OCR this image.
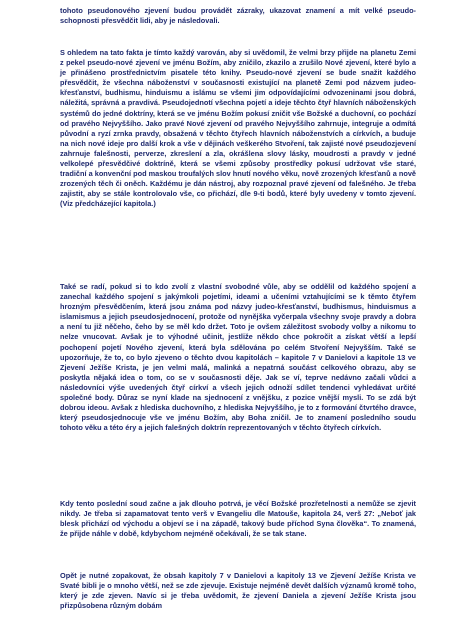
tohoto pseudonového zjevení budou provádět zázraky, ukazovat znamení a mít velké pseudo-schopnosti přesvědčit lidi, aby je následovali.

S ohledem na tato fakta je tímto každý varován, aby si uvědomil, že velmi brzy přijde na planetu Zemi z pekel pseudo-nové zjevení ve jménu Božím, aby zničilo, zkazilo a zrušilo Nové zjevení, které bylo a je přinášeno prostřednictvím pisatele této knihy. Pseudo-nové zjevení se bude snažit každého přesvědčit, že všechna náboženství v současnosti existující na planetě Zemi pod názvem judeo-křesťanství, budhismu, hinduismu a islámu se všemi jim odpovídajícími odvozeninami jsou dobrá, náležitá, správná a pravdivá. Pseudojednotí všechna pojetí a ideje těchto čtyř hlavních náboženských systémů do jedné doktríny, která se ve jménu Božím pokusí zničit vše Božské a duchovní, co pochází od pravého Nejvyššího. Jako pravé Nové zjevení od pravého Nejvyššího zahrnuje, integruje a odmítá původní a ryzí zrnka pravdy, obsažená v těchto čtyřech hlavních náboženstvích a církvích, a buduje na nich nové ideje pro další krok a vše v dějinách veškerého Stvoření, tak zajisté nové pseudozjevení zahrnuje falešnosti, perverze, zkreslení a zla, okrášlena slovy lásky, moudrosti a pravdy v jedné velkolepé přesvědčivé doktríně, která se všemi způsoby prostředky pokusí udržovat vše staré, tradiční a konvenční pod maskou troufalých slov hnutí nového věku, nově zrozených křesťanů a nově zrozených těch či oněch. Každému je dán nástroj, aby rozpoznal pravé zjevení od falešného. Je třeba zajistit, aby se stále kontrolovalo vše, co přichází, dle 9-ti bodů, které byly uvedeny v tomto zjevení. (Viz předcházející kapitola.)

Také se radí, pokud si to kdo zvolí z vlastní svobodné vůle, aby se oddělil od každého spojení a zanechal každého spojení s jakýmkoli pojetími, ideami a učeními vztahujícími se k těmto čtyřem hrozným přesvědčením, která jsou známa pod názvy judeo-křesťanství, budhismus, hinduismus a islamismus a jejich pseudosjednocení, protože od nynějška vyčerpala všechny svoje pravdy a dobra a není tu již něčeho, čeho by se měl kdo držet. Toto je ovšem záležitost svobody volby a nikomu to nelze vnucovat. Avšak je to výhodné učinit, jestliže někdo chce pokročit a získat větší a lepší pochopení pojetí Nového zjevení, která byla sdělována po celém Stvoření Nejvyšším. Také se upozorňuje, že to, co bylo zjeveno o těchto dvou kapitolách – kapitole 7 v Danielovi a kapitole 13 ve Zjevení Ježíše Krista, je jen velmi malá, malinká a nepatrná součást celkového obrazu, aby se poskytla nějaká idea o tom, co se v současnosti děje. Jak se ví, teprve nedávno začali vůdci a následovníci výše uvedených čtyř církví a všech jejich odnoží sdílet tendenci vyhledávat určité společné body. Důraz se nyní klade na sjednocení z vnějšku, z pozice vnější mysli. To se zdá být dobrou ideou. Avšak z hlediska duchovního, z hlediska Nejvyššího, je to z formování čtvrtého dravce, který pseudosjednocuje vše ve jménu Božím, aby Boha zničil. Je to znamení posledního soudu tohoto věku a této éry a jejich falešných doktrín reprezentovaných v těchto čtyřech církvích.

Kdy tento poslední soud začne a jak dlouho potrvá, je věcí Božské prozřetelnosti a nemůže se zjevit nikdy. Je třeba si zapamatovat tento verš v Evangeliu dle Matouše, kapitola 24, verš 27: „Neboť jak blesk přichází od východu a objeví se i na západě, takový bude příchod Syna člověka“. To znamená, že přijde náhle v době, kdybychom nejméně očekávali, že se tak stane.

Opět je nutné zopakovat, že obsah kapitoly 7 v Danielovi a kapitoly 13 ve Zjevení Ježíše Krista ve Svaté bibli je o mnoho větší, než se zde zjevuje. Existuje nejméně devět dalších významů kromě toho, který je zde zjeven. Navíc si je třeba uvědomit, že zjevení Daniela a zjevení Ježíše Krista jsou přizpůsobena různým dobám
